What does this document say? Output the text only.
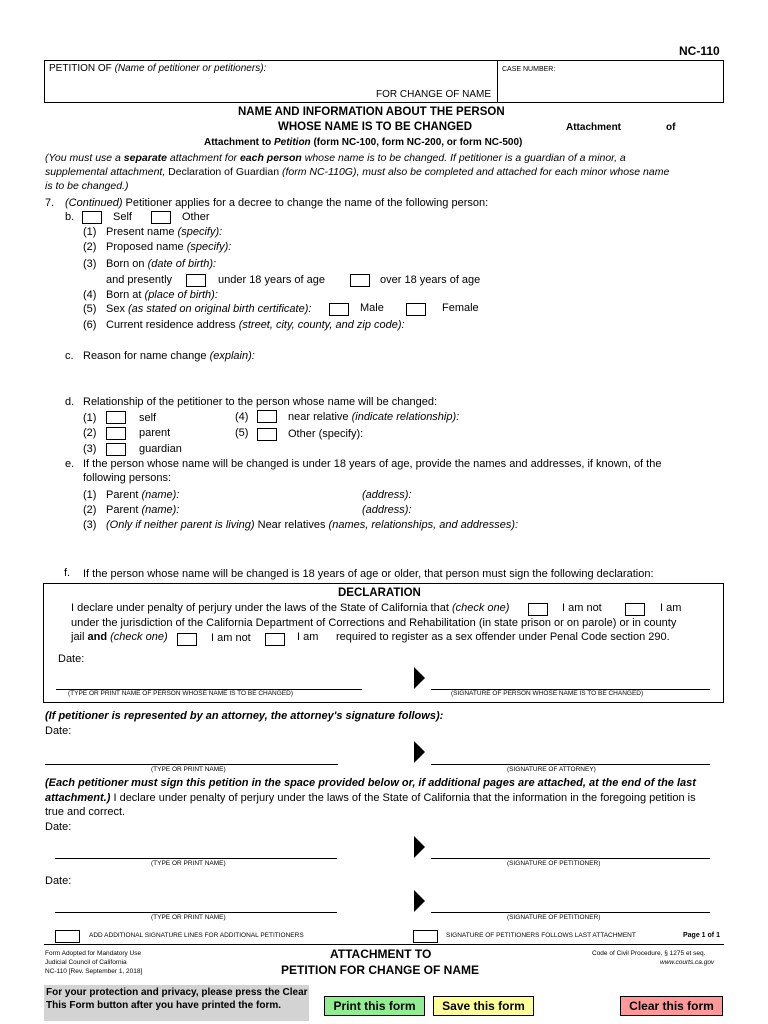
NC-110
PETITION OF (Name of petitioner or petitioners):
FOR CHANGE OF NAME
CASE NUMBER:
NAME AND INFORMATION ABOUT THE PERSON
WHOSE NAME IS TO BE CHANGED	Attachment	of
Attachment to Petition (form NC-100, form NC-200, or form NC-500)
(You must use a separate attachment for each person whose name is to be changed. If petitioner is a guardian of a minor, a
supplemental attachment, Declaration of Guardian (form NC-110G), must also be completed and attached for each minor whose name
is to be changed.)
7. (Continued) Petitioner applies for a decree to change the name of the following person:
b.	Self	Other
(1) Present name (specify):
(2) Proposed name (specify):
(3) Born on (date of birth):
and presently	under 18 years of age	over 18 years of age
(4) Born at (place of birth):
(5) Sex (as stated on original birth certificate):	Male	Female
(6) Current residence address (street, city, county, and zip code):
c. Reason for name change (explain):
d. Relationship of the petitioner to the person whose name will be changed:
(1)	self	(4)	near relative (indicate relationship):
(2)	parent	(5)	Other (specify):
(3)	guardian
e. If the person whose name will be changed is under 18 years of age, provide the names and addresses, if known, of the
following persons:
(1) Parent (name):	(address):
(2) Parent (name):	(address):
(3) (Only if neither parent is living) Near relatives (names, relationships, and addresses):
f. If the person whose name will be changed is 18 years of age or older, that person must sign the following declaration:
DECLARATION
I declare under penalty of perjury under the laws of the State of California that (check one)	I am not	I am
under the jurisdiction of the California Department of Corrections and Rehabilitation (in state prison or on parole) or in county
jail and (check one)	I am not	I am required to register as a sex offender under Penal Code section 290.
Date:
(TYPE OR PRINT NAME OF PERSON WHOSE NAME IS TO BE CHANGED)	(SIGNATURE OF PERSON WHOSE NAME IS TO BE CHANGED)
(If petitioner is represented by an attorney, the attorney's signature follows):
Date:
(TYPE OR PRINT NAME)	(SIGNATURE OF ATTORNEY)
(Each petitioner must sign this petition in the space provided below or, if additional pages are attached, at the end of the last
attachment.) I declare under penalty of perjury under the laws of the State of California that the information in the foregoing petition is
true and correct.
Date:
(TYPE OR PRINT NAME)	(SIGNATURE OF PETITIONER)
Date:
(TYPE OR PRINT NAME)	(SIGNATURE OF PETITIONER)
ADD ADDITIONAL SIGNATURE LINES FOR ADDITIONAL PETITIONERS	SIGNATURE OF PETITIONERS FOLLOWS LAST ATTACHMENT	Page 1 of 1
Form Adopted for Mandatory Use
Judicial Council of California
NC-110 [Rev. September 1, 2018]
ATTACHMENT TO
PETITION FOR CHANGE OF NAME
Code of Civil Procedure, § 1275 et seq.
www.courts.ca.gov
For your protection and privacy, please press the Clear
This Form button after you have printed the form.	Print this form	Save this form	Clear this form
